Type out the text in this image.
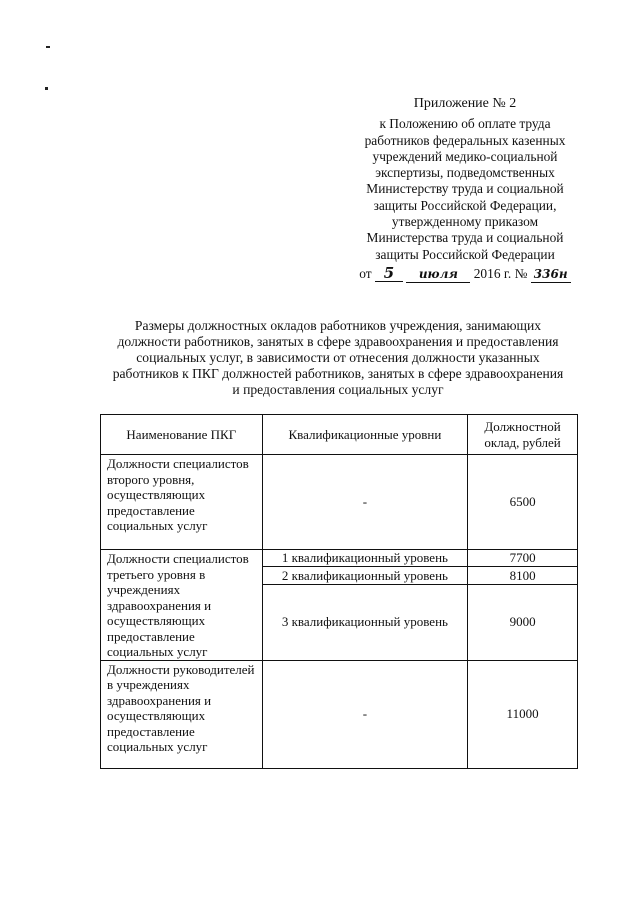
Приложение № 2
к Положению об оплате труда
работников федеральных казенных
учреждений медико-социальной
экспертизы, подведомственных
Министерству труда и социальной
защиты Российской Федерации,
утвержденному приказом
Министерства труда и социальной
защиты Российской Федерации
от 5 июля 2016 г. № 336н
Размеры должностных окладов работников учреждения, занимающих должности работников, занятых в сфере здравоохранения и предоставления социальных услуг, в зависимости от отнесения должности указанных работников к ПКГ должностей работников, занятых в сфере здравоохранения и предоставления социальных услуг
Наименование ПКГ	Квалификационные уровни	Должностной оклад, рублей
Должности специалистов второго уровня, осуществляющих предоставление социальных услуг	-	6500
Должности специалистов третьего уровня в учреждениях здравоохранения и осуществляющих предоставление социальных услуг	1 квалификационный уровень	7700
	2 квалификационный уровень	8100
	3 квалификационный уровень	9000
Должности руководителей в учреждениях здравоохранения и осуществляющих предоставление социальных услуг	-	11000
